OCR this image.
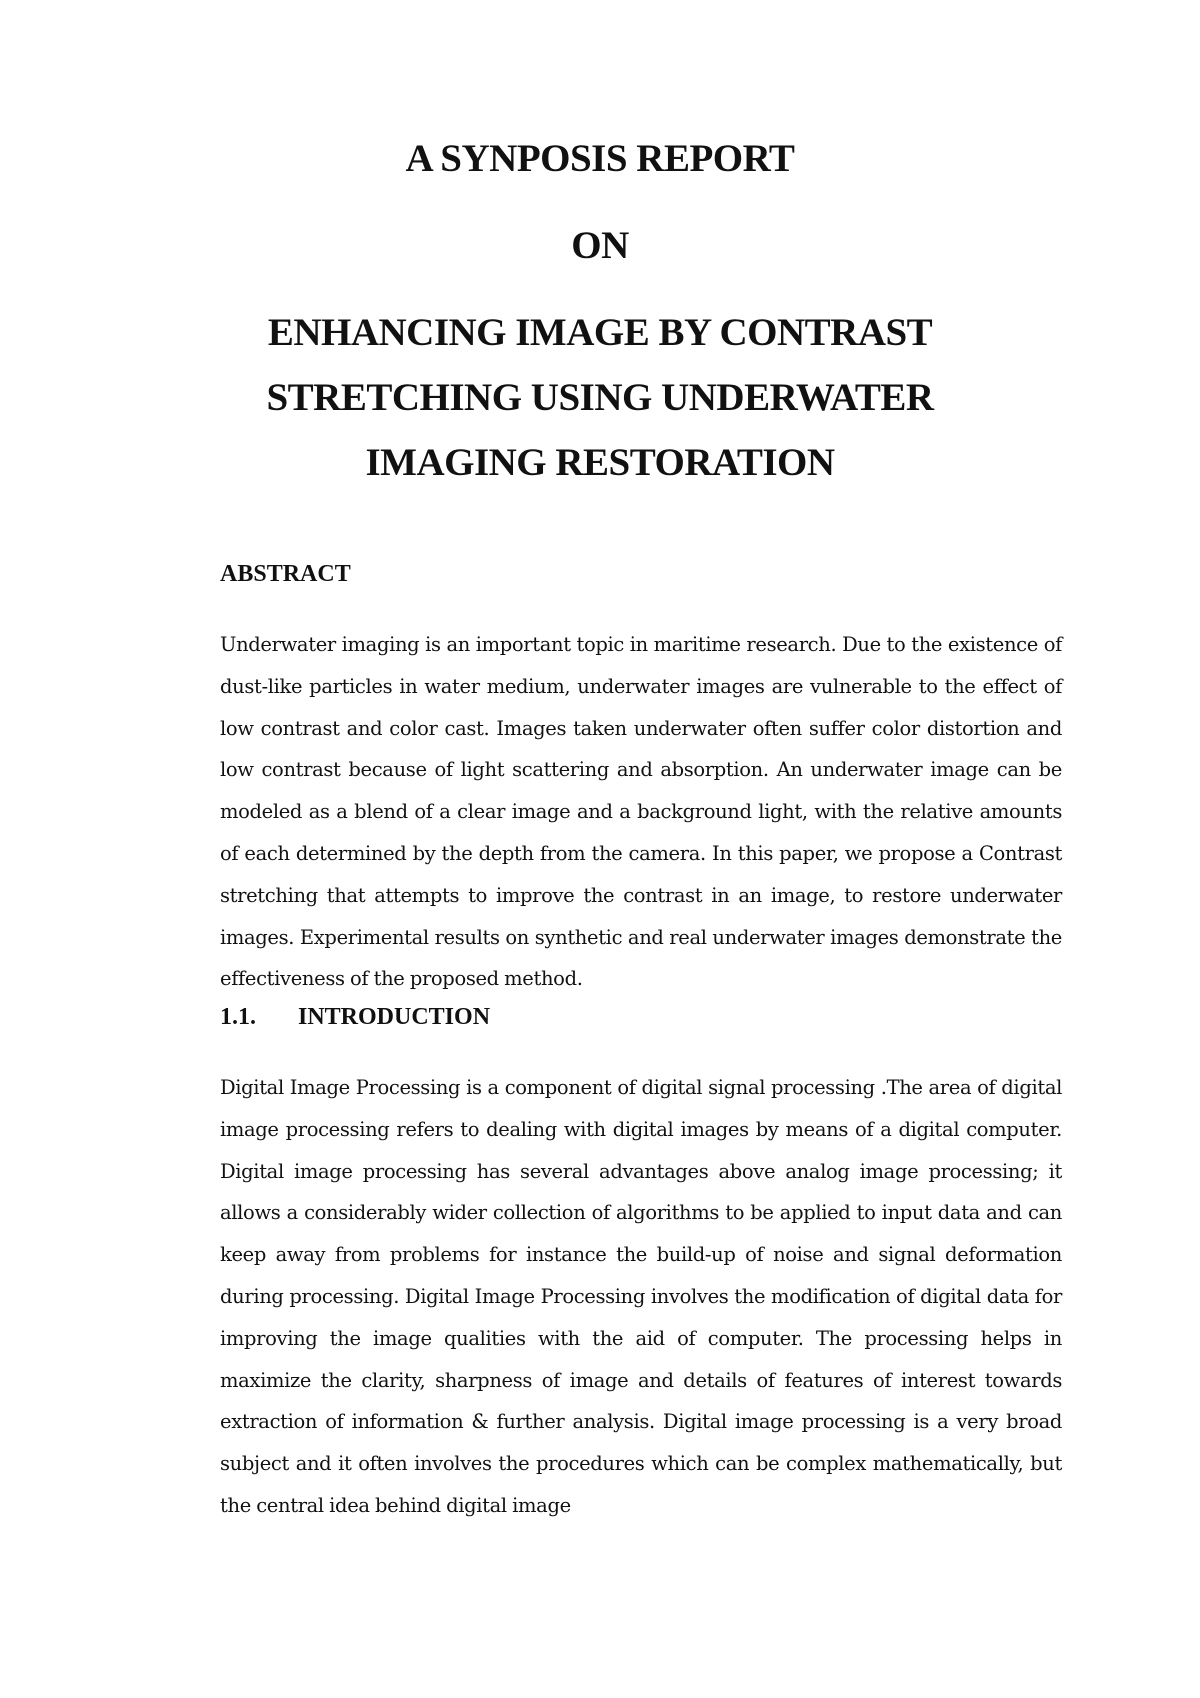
A SYNPOSIS REPORT

ON

ENHANCING IMAGE BY CONTRAST

STRETCHING USING UNDERWATER

IMAGING RESTORATION

ABSTRACT

Underwater imaging is an important topic in maritime research. Due to the existence of dust-like particles in water medium, underwater images are vulnerable to the effect of low contrast and color cast. Images taken underwater often suffer color distortion and low contrast because of light scattering and absorption. An underwater image can be modeled as a blend of a clear image and a background light, with the relative amounts of each determined by the depth from the camera. In this paper, we propose a Contrast stretching that attempts to improve the contrast in an image, to restore underwater images. Experimental results on synthetic and real underwater images demonstrate the effectiveness of the proposed method.

1.1. INTRODUCTION

Digital Image Processing is a component of digital signal processing .The area of digital image processing refers to dealing with digital images by means of a digital computer. Digital image processing has several advantages above analog image processing; it allows a considerably wider collection of algorithms to be applied to input data and can keep away from problems for instance the build-up of noise and signal deformation during processing. Digital Image Processing involves the modification of digital data for improving the image qualities with the aid of computer. The processing helps in maximize the clarity, sharpness of image and details of features of interest towards extraction of information & further analysis. Digital image processing is a very broad subject and it often involves the procedures which can be complex mathematically, but the central idea behind digital image
